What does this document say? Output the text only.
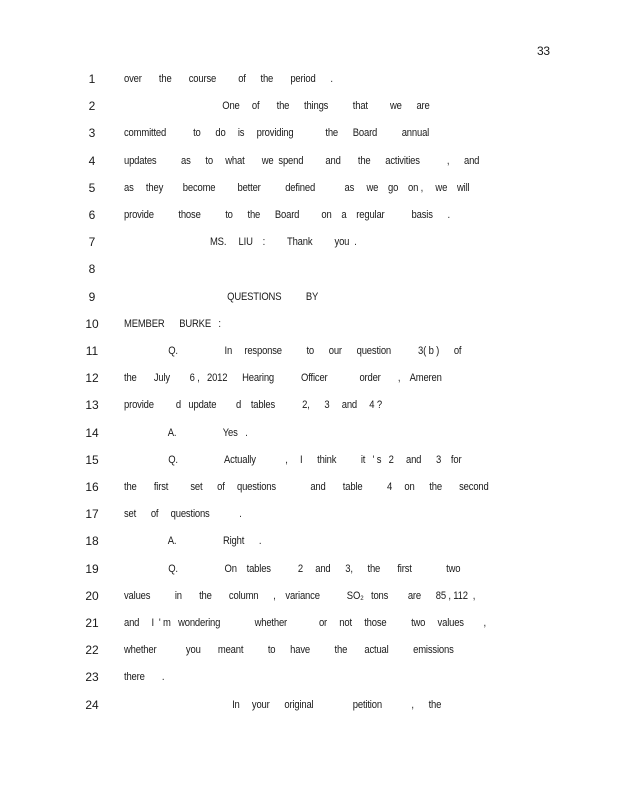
33
1	over       the       course         of      the       period      .
2	One     of       the      things          that         we      are
3	committed           to      do     is     providing             the      Board          annual
4	updates          as      to     what       we  spend         and       the      activities           ,      and
5	as     they        become         better          defined            as     we    go    on ,     we    will
6	provide          those          to      the      Board         on    a    regular           basis      .
7	MS.     LIU    :         Thank         you  .
8
9	QUESTIONS          BY
10	MEMBER      BURKE   :
11	Q.                   In     response          to      our      question           3( b )      of
12	the       July        6 ,   2012      Hearing           Officer             order       ,    Ameren
13	provide         d   update        d    tables           2,      3     and     4 ?
14	A.                   Yes   .
15	Q.                   Actually            ,     I      think          it   ' s   2     and      3    for
16	the       first         set      of     questions              and       table          4     on      the       second
17	set      of     questions            .
18	A.                   Right      .
19	Q.                   On    tables           2     and      3,      the       first              two
20	values          in       the       column      ,    variance           SO₂   tons        are      85 , 112  ,
21	and     I  ' m   wondering              whether             or     not     those          two     values        ,
22	whether            you       meant          to      have          the       actual          emissions
23	there       .
24	In     your      original                petition            ,      the
